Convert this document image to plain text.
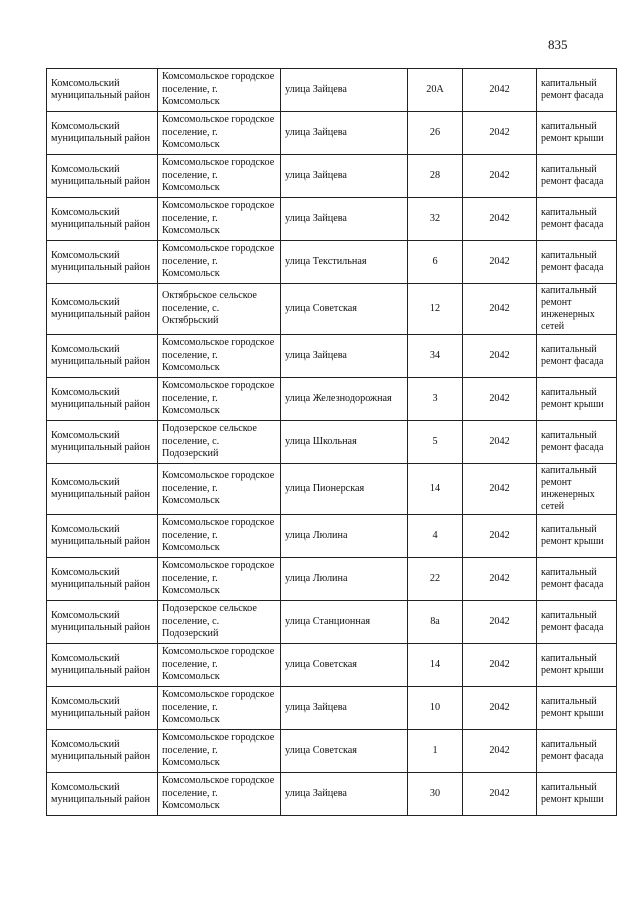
835
Комсомольский муниципальный район	Комсомольское городское поселение, г. Комсомольск	улица Зайцева	20А	2042	капитальный ремонт фасада
Комсомольский муниципальный район	Комсомольское городское поселение, г. Комсомольск	улица Зайцева	26	2042	капитальный ремонт крыши
Комсомольский муниципальный район	Комсомольское городское поселение, г. Комсомольск	улица Зайцева	28	2042	капитальный ремонт фасада
Комсомольский муниципальный район	Комсомольское городское поселение, г. Комсомольск	улица Зайцева	32	2042	капитальный ремонт фасада
Комсомольский муниципальный район	Комсомольское городское поселение, г. Комсомольск	улица Текстильная	6	2042	капитальный ремонт фасада
Комсомольский муниципальный район	Октябрьское сельское поселение, с. Октябрьский	улица Советская	12	2042	капитальный ремонт инженерных сетей
Комсомольский муниципальный район	Комсомольское городское поселение, г. Комсомольск	улица Зайцева	34	2042	капитальный ремонт фасада
Комсомольский муниципальный район	Комсомольское городское поселение, г. Комсомольск	улица Железнодорожная	3	2042	капитальный ремонт крыши
Комсомольский муниципальный район	Подозерское сельское поселение, с. Подозерский	улица Школьная	5	2042	капитальный ремонт фасада
Комсомольский муниципальный район	Комсомольское городское поселение, г. Комсомольск	улица Пионерская	14	2042	капитальный ремонт инженерных сетей
Комсомольский муниципальный район	Комсомольское городское поселение, г. Комсомольск	улица Люлина	4	2042	капитальный ремонт крыши
Комсомольский муниципальный район	Комсомольское городское поселение, г. Комсомольск	улица Люлина	22	2042	капитальный ремонт фасада
Комсомольский муниципальный район	Подозерское сельское поселение, с. Подозерский	улица Станционная	8а	2042	капитальный ремонт фасада
Комсомольский муниципальный район	Комсомольское городское поселение, г. Комсомольск	улица Советская	14	2042	капитальный ремонт крыши
Комсомольский муниципальный район	Комсомольское городское поселение, г. Комсомольск	улица Зайцева	10	2042	капитальный ремонт крыши
Комсомольский муниципальный район	Комсомольское городское поселение, г. Комсомольск	улица Советская	1	2042	капитальный ремонт фасада
Комсомольский муниципальный район	Комсомольское городское поселение, г. Комсомольск	улица Зайцева	30	2042	капитальный ремонт крыши
